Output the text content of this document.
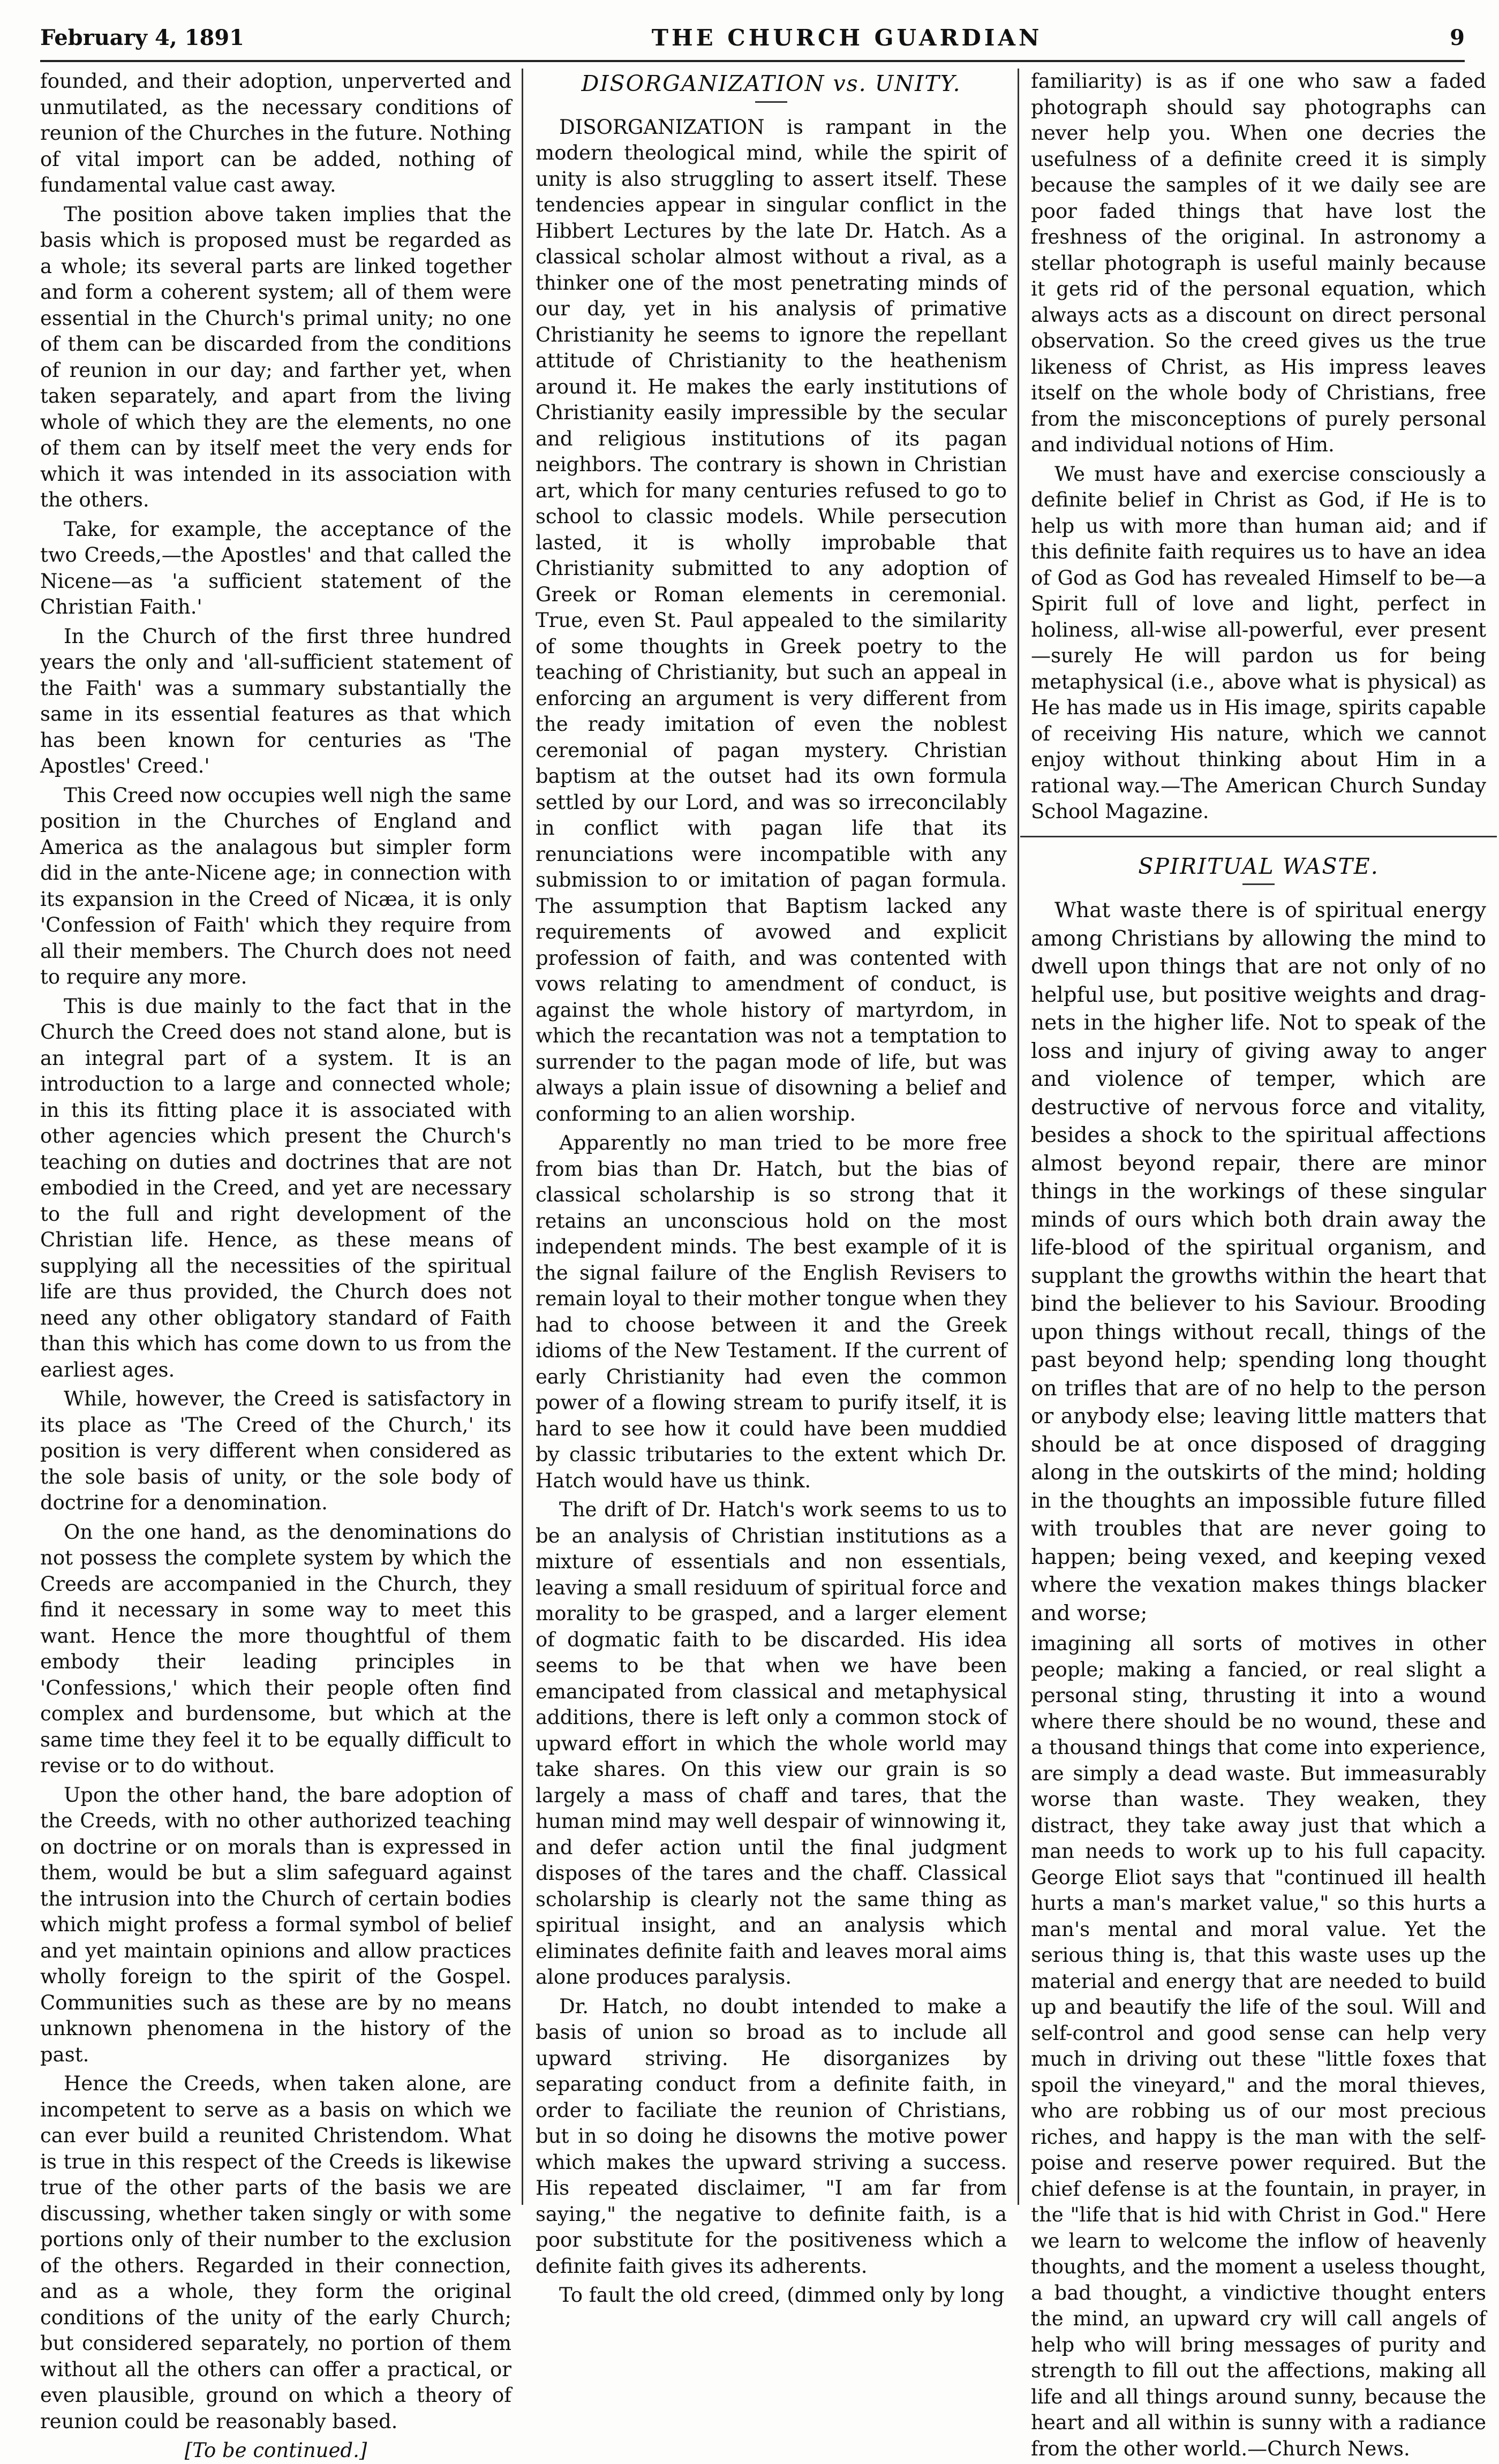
February 4, 1891	THE CHURCH GUARDIAN	9

founded, and their adoption, unperverted and unmutilated, as the necessary conditions of reunion of the Churches in the future. Nothing of vital import can be added, nothing of fundamental value cast away.

The position above taken implies that the basis which is proposed must be regarded as a whole; its several parts are linked together and form a coherent system; all of them were essential in the Church's primal unity; no one of them can be discarded from the conditions of reunion in our day; and farther yet, when taken separately, and apart from the living whole of which they are the elements, no one of them can by itself meet the very ends for which it was intended in its association with the others.

Take, for example, the acceptance of the two Creeds,—the Apostles' and that called the Nicene—as 'a sufficient statement of the Christian Faith.'

In the Church of the first three hundred years the only and 'all-sufficient statement of the Faith' was a summary substantially the same in its essential features as that which has been known for centuries as 'The Apostles' Creed.'

This Creed now occupies well nigh the same position in the Churches of England and America as the analagous but simpler form did in the ante-Nicene age; in connection with its expansion in the Creed of Nicæa, it is only 'Confession of Faith' which they require from all their members. The Church does not need to require any more.

This is due mainly to the fact that in the Church the Creed does not stand alone, but is an integral part of a system. It is an introduction to a large and connected whole; in this its fitting place it is associated with other agencies which present the Church's teaching on duties and doctrines that are not embodied in the Creed, and yet are necessary to the full and right development of the Christian life. Hence, as these means of supplying all the necessities of the spiritual life are thus provided, the Church does not need any other obligatory standard of Faith than this which has come down to us from the earliest ages.

While, however, the Creed is satisfactory in its place as 'The Creed of the Church,' its position is very different when considered as the sole basis of unity, or the sole body of doctrine for a denomination.

On the one hand, as the denominations do not possess the complete system by which the Creeds are accompanied in the Church, they find it necessary in some way to meet this want. Hence the more thoughtful of them embody their leading principles in 'Confessions,' which their people often find complex and burdensome, but which at the same time they feel it to be equally difficult to revise or to do without.

Upon the other hand, the bare adoption of the Creeds, with no other authorized teaching on doctrine or on morals than is expressed in them, would be but a slim safeguard against the intrusion into the Church of certain bodies which might profess a formal symbol of belief and yet maintain opinions and allow practices wholly foreign to the spirit of the Gospel. Communities such as these are by no means unknown phenomena in the history of the past.

Hence the Creeds, when taken alone, are incompetent to serve as a basis on which we can ever build a reunited Christendom. What is true in this respect of the Creeds is likewise true of the other parts of the basis we are discussing, whether taken singly or with some portions only of their number to the exclusion of the others. Regarded in their connection, and as a whole, they form the original conditions of the unity of the early Church; but considered separately, no portion of them without all the others can offer a practical, or even plausible, ground on which a theory of reunion could be reasonably based.

[To be continued.]

DISORGANIZATION vs. UNITY.

DISORGANIZATION is rampant in the modern theological mind, while the spirit of unity is also struggling to assert itself. These tendencies appear in singular conflict in the Hibbert Lectures by the late Dr. Hatch. As a classical scholar almost without a rival, as a thinker one of the most penetrating minds of our day, yet in his analysis of primative Christianity he seems to ignore the repellant attitude of Christianity to the heathenism around it. He makes the early institutions of Christianity easily impressible by the secular and religious institutions of its pagan neighbors. The contrary is shown in Christian art, which for many centuries refused to go to school to classic models. While persecution lasted, it is wholly improbable that Christianity submitted to any adoption of Greek or Roman elements in ceremonial. True, even St. Paul appealed to the similarity of some thoughts in Greek poetry to the teaching of Christianity, but such an appeal in enforcing an argument is very different from the ready imitation of even the noblest ceremonial of pagan mystery. Christian baptism at the outset had its own formula settled by our Lord, and was so irreconcilably in conflict with pagan life that its renunciations were incompatible with any submission to or imitation of pagan formula. The assumption that Baptism lacked any requirements of avowed and explicit profession of faith, and was contented with vows relating to amendment of conduct, is against the whole history of martyrdom, in which the recantation was not a temptation to surrender to the pagan mode of life, but was always a plain issue of disowning a belief and conforming to an alien worship.

Apparently no man tried to be more free from bias than Dr. Hatch, but the bias of classical scholarship is so strong that it retains an unconscious hold on the most independent minds. The best example of it is the signal failure of the English Revisers to remain loyal to their mother tongue when they had to choose between it and the Greek idioms of the New Testament. If the current of early Christianity had even the common power of a flowing stream to purify itself, it is hard to see how it could have been muddied by classic tributaries to the extent which Dr. Hatch would have us think.

The drift of Dr. Hatch's work seems to us to be an analysis of Christian institutions as a mixture of essentials and non essentials, leaving a small residuum of spiritual force and morality to be grasped, and a larger element of dogmatic faith to be discarded. His idea seems to be that when we have been emancipated from classical and metaphysical additions, there is left only a common stock of upward effort in which the whole world may take shares. On this view our grain is so largely a mass of chaff and tares, that the human mind may well despair of winnowing it, and defer action until the final judgment disposes of the tares and the chaff. Classical scholarship is clearly not the same thing as spiritual insight, and an analysis which eliminates definite faith and leaves moral aims alone produces paralysis.

Dr. Hatch, no doubt intended to make a basis of union so broad as to include all upward striving. He disorganizes by separating conduct from a definite faith, in order to faciliate the reunion of Christians, but in so doing he disowns the motive power which makes the upward striving a success. His repeated disclaimer, "I am far from saying," the negative to definite faith, is a poor substitute for the positiveness which a definite faith gives its adherents.

To fault the old creed, (dimmed only by long

familiarity) is as if one who saw a faded photograph should say photographs can never help you. When one decries the usefulness of a definite creed it is simply because the samples of it we daily see are poor faded things that have lost the freshness of the original. In astronomy a stellar photograph is useful mainly because it gets rid of the personal equation, which always acts as a discount on direct personal observation. So the creed gives us the true likeness of Christ, as His impress leaves itself on the whole body of Christians, free from the misconceptions of purely personal and individual notions of Him.

We must have and exercise consciously a definite belief in Christ as God, if He is to help us with more than human aid; and if this definite faith requires us to have an idea of God as God has revealed Himself to be—a Spirit full of love and light, perfect in holiness, all-wise all-powerful, ever present—surely He will pardon us for being metaphysical (i.e., above what is physical) as He has made us in His image, spirits capable of receiving His nature, which we cannot enjoy without thinking about Him in a rational way.—The American Church Sunday School Magazine.

SPIRITUAL WASTE.

What waste there is of spiritual energy among Christians by allowing the mind to dwell upon things that are not only of no helpful use, but positive weights and drag-nets in the higher life. Not to speak of the loss and injury of giving away to anger and violence of temper, which are destructive of nervous force and vitality, besides a shock to the spiritual affections almost beyond repair, there are minor things in the workings of these singular minds of ours which both drain away the life-blood of the spiritual organism, and supplant the growths within the heart that bind the believer to his Saviour. Brooding upon things without recall, things of the past beyond help; spending long thought on trifles that are of no help to the person or anybody else; leaving little matters that should be at once disposed of dragging along in the outskirts of the mind; holding in the thoughts an impossible future filled with troubles that are never going to happen; being vexed, and keeping vexed where the vexation makes things blacker and worse;

imagining all sorts of motives in other people; making a fancied, or real slight a personal sting, thrusting it into a wound where there should be no wound, these and a thousand things that come into experience, are simply a dead waste. But immeasurably worse than waste. They weaken, they distract, they take away just that which a man needs to work up to his full capacity. George Eliot says that "continued ill health hurts a man's market value," so this hurts a man's mental and moral value. Yet the serious thing is, that this waste uses up the material and energy that are needed to build up and beautify the life of the soul. Will and self-control and good sense can help very much in driving out these "little foxes that spoil the vineyard," and the moral thieves, who are robbing us of our most precious riches, and happy is the man with the self-poise and reserve power required. But the chief defense is at the fountain, in prayer, in the "life that is hid with Christ in God." Here we learn to welcome the inflow of heavenly thoughts, and the moment a useless thought, a bad thought, a vindictive thought enters the mind, an upward cry will call angels of help who will bring messages of purity and strength to fill out the affections, making all life and all things around sunny, because the heart and all within is sunny with a radiance from the other world.—Church News.
